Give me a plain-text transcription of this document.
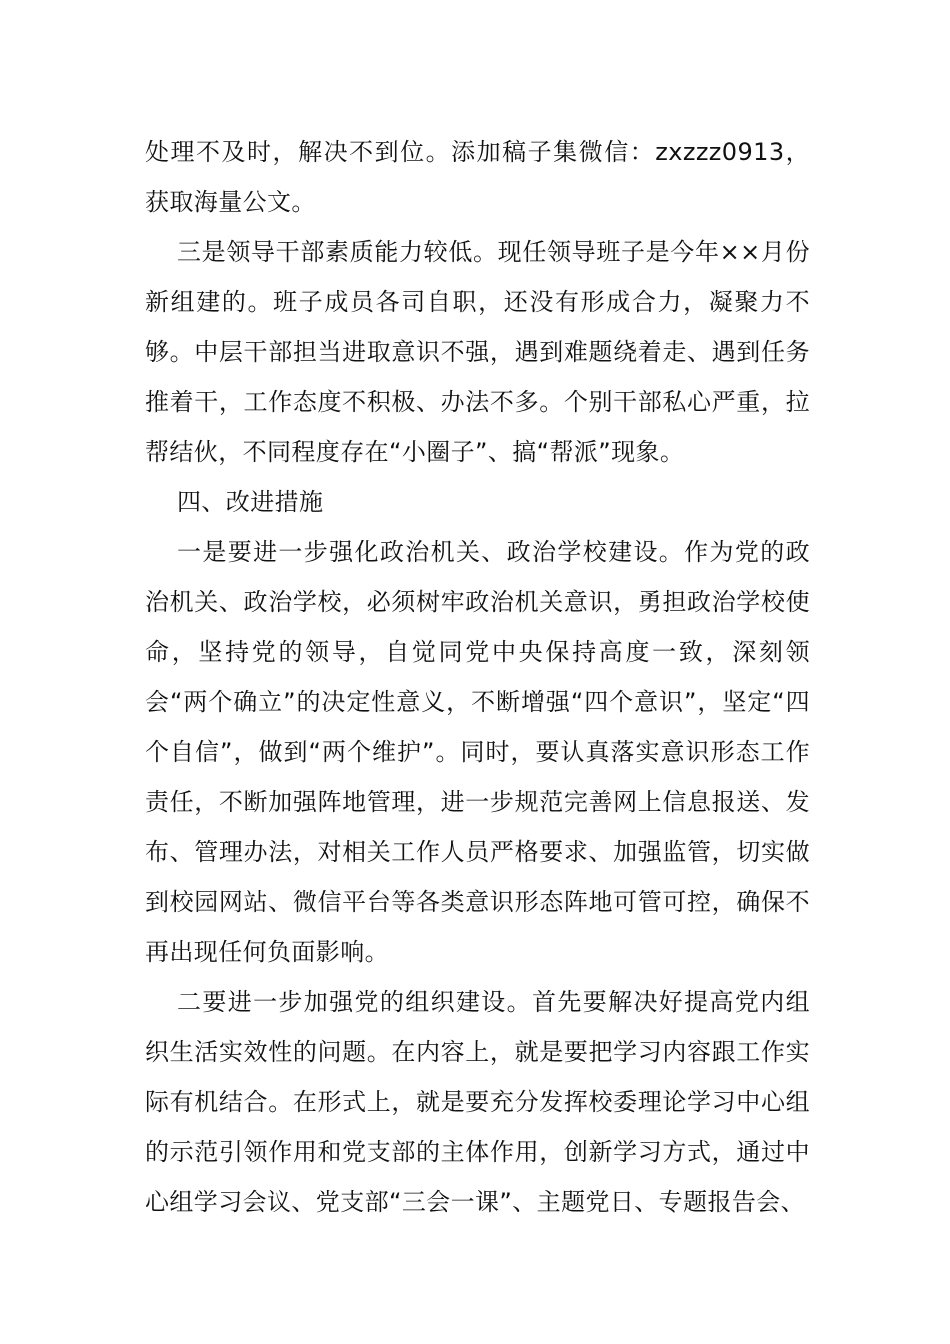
处理不及时，解决不到位。添加稿子集微信：zxzzz0913，获取海量公文。

三是领导干部素质能力较低。现任领导班子是今年××月份新组建的。班子成员各司自职，还没有形成合力，凝聚力不够。中层干部担当进取意识不强，遇到难题绕着走、遇到任务推着干，工作态度不积极、办法不多。个别干部私心严重，拉帮结伙，不同程度存在“小圈子”、搞“帮派”现象。

四、改进措施

一是要进一步强化政治机关、政治学校建设。作为党的政治机关、政治学校，必须树牢政治机关意识，勇担政治学校使命，坚持党的领导，自觉同党中央保持高度一致，深刻领会“两个确立”的决定性意义，不断增强“四个意识”，坚定“四个自信”，做到“两个维护”。同时，要认真落实意识形态工作责任，不断加强阵地管理，进一步规范完善网上信息报送、发布、管理办法，对相关工作人员严格要求、加强监管，切实做到校园网站、微信平台等各类意识形态阵地可管可控，确保不再出现任何负面影响。

二要进一步加强党的组织建设。首先要解决好提高党内组织生活实效性的问题。在内容上，就是要把学习内容跟工作实际有机结合。在形式上，就是要充分发挥校委理论学习中心组的示范引领作用和党支部的主体作用，创新学习方式，通过中心组学习会议、党支部“三会一课”、主题党日、专题报告会、
